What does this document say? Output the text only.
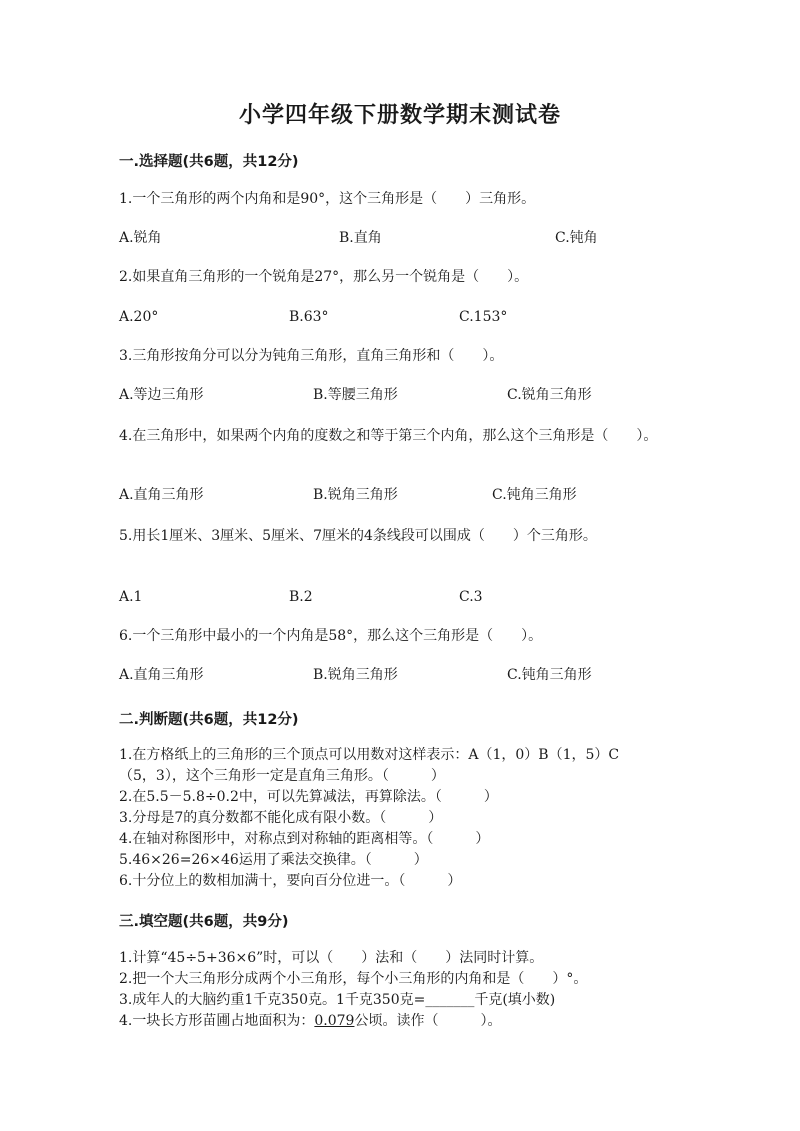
小学四年级下册数学期末测试卷
一.选择题(共6题，共12分)
1.一个三角形的两个内角和是90°，这个三角形是（　　）三角形。
A.锐角	B.直角	C.钝角
2.如果直角三角形的一个锐角是27°，那么另一个锐角是（　　）。
A.20°	B.63°	C.153°
3.三角形按角分可以分为钝角三角形，直角三角形和（　　）。
A.等边三角形	B.等腰三角形	C.锐角三角形
4.在三角形中，如果两个内角的度数之和等于第三个内角，那么这个三角形是（　　）。
A.直角三角形	B.锐角三角形	C.钝角三角形
5.用长1厘米、3厘米、5厘米、7厘米的4条线段可以围成（　　）个三角形。
A.1	B.2	C.3
6.一个三角形中最小的一个内角是58°，那么这个三角形是（　　）。
A.直角三角形	B.锐角三角形	C.钝角三角形
二.判断题(共6题，共12分)
1.在方格纸上的三角形的三个顶点可以用数对这样表示：A（1，0）B（1，5）C
（5，3），这个三角形一定是直角三角形。（　　　）
2.在5.5－5.8÷0.2中，可以先算减法，再算除法。（　　　）
3.分母是7的真分数都不能化成有限小数。（　　　）
4.在轴对称图形中，对称点到对称轴的距离相等。（　　　）
5.46×26=26×46运用了乘法交换律。（　　　）
6.十分位上的数相加满十，要向百分位进一。（　　　）
三.填空题(共6题，共9分)
1.计算“45÷5+36×6”时，可以（　　）法和（　　）法同时计算。
2.把一个大三角形分成两个小三角形，每个小三角形的内角和是（　　）°。
3.成年人的大脑约重1千克350克。1千克350克=_______千克(填小数)
4.一块长方形苗圃占地面积为：0.079公顷。读作（　　　）。
